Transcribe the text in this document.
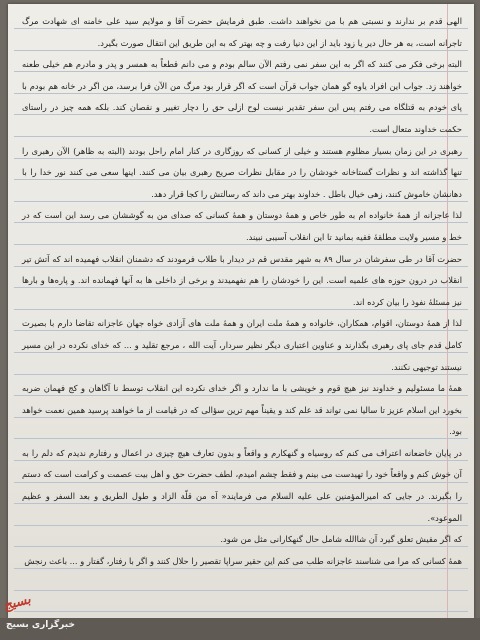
الهی قدم بر ندارند و نسبتی هم با من نخواهند داشت. طبق فرمایش حضرت آقا و مولایم سید علی خامنه ای شهادت مرگ تاجرانه است، به هر حال دیر یا زود باید از این دنیا رفت و چه بهتر که به این طریق این انتقال صورت بگیرد.

البته برخی فکر می کنند که اگر به این سفر نمی رفتم الآن سالم بودم و می دانم قطعاً به همسر و پدر و مادرم هم خیلی طعنه خواهند زد. جواب این افراد یاوه گو همان جواب قرآن است که اگر قرار بود مرگ من الآن فرا برسد، من اگر در خانه هم بودم با پای خودم به قتلگاه می رفتم پس این سفر تقدیر نیست لوح ازلی حق را دچار تغییر و نقصان کند. بلکه همه چیز در راستای حکمت خداوند متعال است.

رهبری در این زمان بسیار مظلوم هستند و خیلی از کسانی که روزگاری در کنار امام راحل بودند (البته به ظاهر) الآن رهبری را تنها گذاشته اند و نظرات گستاخانه خودشان را در مقابل نظرات صریح رهبری بیان می کنند. اینها سعی می کنند نور خدا را با دهانشان خاموش کنند، زهی خیال باطل . خداوند بهتر می داند که رسالتش را کجا قرار دهد.

لذا عاجزانه از همهٔ خانواده ام به طور خاص و همهٔ دوستان و همهٔ کسانی که صدای من به گوششان می رسد این است که در خط و مسیر ولایت مطلقهٔ فقیه بمانید تا این انقلاب آسیبی نبیند.

حضرت آقا در طی سفرشان در سال ۸۹ به شهر مقدس قم در دیدار با طلاب فرمودند که دشمنان انقلاب فهمیده اند که آتش تیر انقلاب در درون حوزه های علمیه است. این را خودشان را هم نفهمیدند و برخی از داخلی ها به آنها فهمانده اند. و پاره‌ها و بارها نیز مسئلهٔ نفوذ را بیان کرده اند.

لذا از همهٔ دوستان، اقوام، همکاران، خانواده و همهٔ ملت ایران و همهٔ ملت های آزادی خواه جهان عاجزانه تقاضا دارم با بصیرت کامل قدم جای پای رهبری بگذارند و عناوین اعتباری دیگر نظیر سردار، آیت الله ، مرجع تقلید و ... که خدای نکرده در این مسیر نیستند توجیهی نکنند.

همهٔ ما مسئولیم و خداوند نیز هیچ قوم و خویشی با ما ندارد و اگر خدای نکرده این انقلاب توسط نا آگاهان و کج فهمان ضربه بخورد این اسلام عزیز تا سالیا نمی تواند قد علم کند و یقیناً مهم ترین سؤالی که در قیامت از ما خواهند پرسید همین نعمت خواهد بود.

در پایان خاضعانه اعتراف می کنم که روسیاه و گنهکارم و واقعاً و بدون تعارف هیچ چیزی در اعمال و رفتارم ندیدم که دلم را به آن خوش کنم و واقعاً خود را تهیدست می بینم و فقط چشم امیدم، لطف حضرت حق و اهل بیت عصمت و کرامت است که دستم را بگیرند. در جایی که امیرالمؤمنین علی علیه السلام می فرمایند« آه من قلّة الزاد و طول الطریق و بعد السفر و عظیم الموعود».

که اگر مقیش تعلق گیرد آن شاالله شامل حال گنهکارانی مثل من شود.

همهٔ کسانی که مرا می شناسند عاجزانه طلب می کنم این حقیر سراپا تقصیر را حلال کنند و اگر با رفتار، گفتار و ... باعث رنجش

بسیج
خبرگزاری بسیج
